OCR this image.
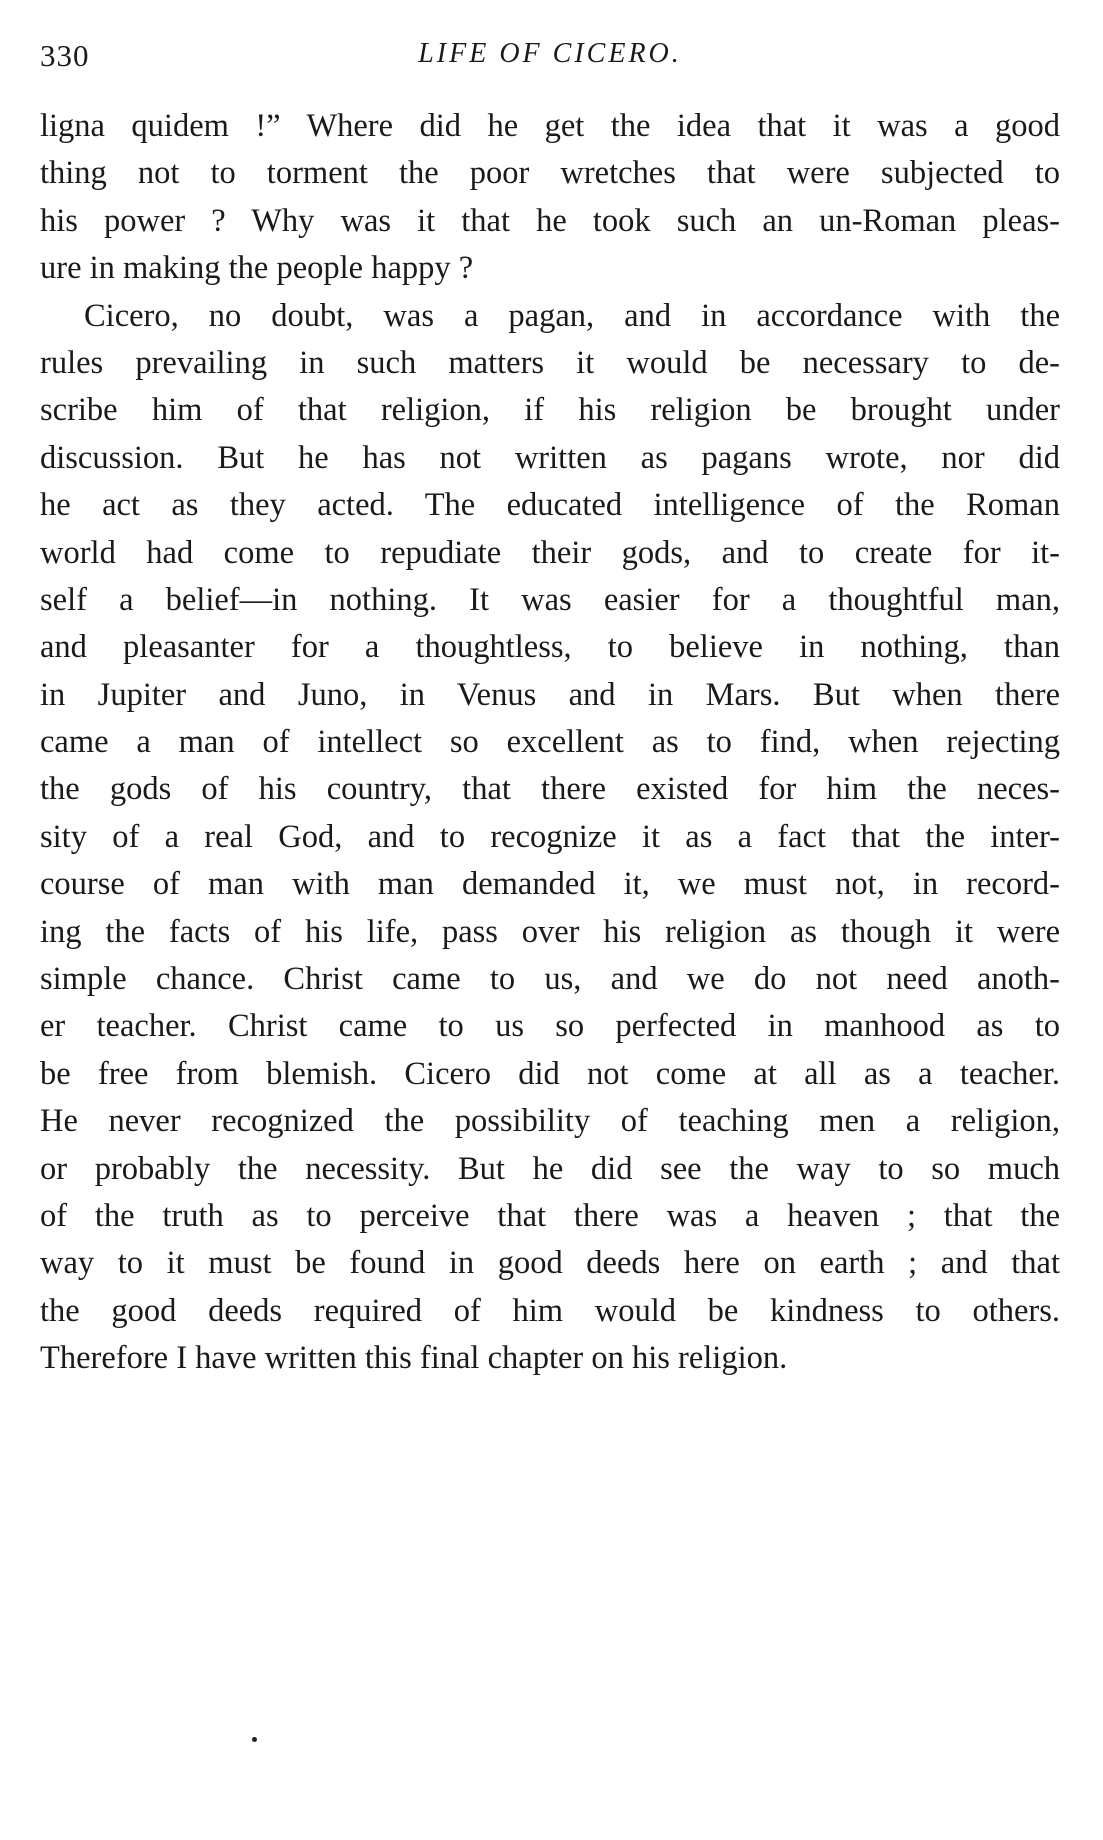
330	LIFE OF CICERO.
ligna quidem !” Where did he get the idea that it was a good
thing not to torment the poor wretches that were subjected to
his power ? Why was it that he took such an un-Roman pleas-
ure in making the people happy ?
Cicero, no doubt, was a pagan, and in accordance with the
rules prevailing in such matters it would be necessary to de-
scribe him of that religion, if his religion be brought under
discussion. But he has not written as pagans wrote, nor did
he act as they acted. The educated intelligence of the Roman
world had come to repudiate their gods, and to create for it-
self a belief—in nothing. It was easier for a thoughtful man,
and pleasanter for a thoughtless, to believe in nothing, than
in Jupiter and Juno, in Venus and in Mars. But when there
came a man of intellect so excellent as to find, when rejecting
the gods of his country, that there existed for him the neces-
sity of a real God, and to recognize it as a fact that the inter-
course of man with man demanded it, we must not, in record-
ing the facts of his life, pass over his religion as though it were
simple chance. Christ came to us, and we do not need anoth-
er teacher. Christ came to us so perfected in manhood as to
be free from blemish. Cicero did not come at all as a teacher.
He never recognized the possibility of teaching men a religion,
or probably the necessity. But he did see the way to so much
of the truth as to perceive that there was a heaven ; that the
way to it must be found in good deeds here on earth ; and that
the good deeds required of him would be kindness to others.
Therefore I have written this final chapter on his religion.
